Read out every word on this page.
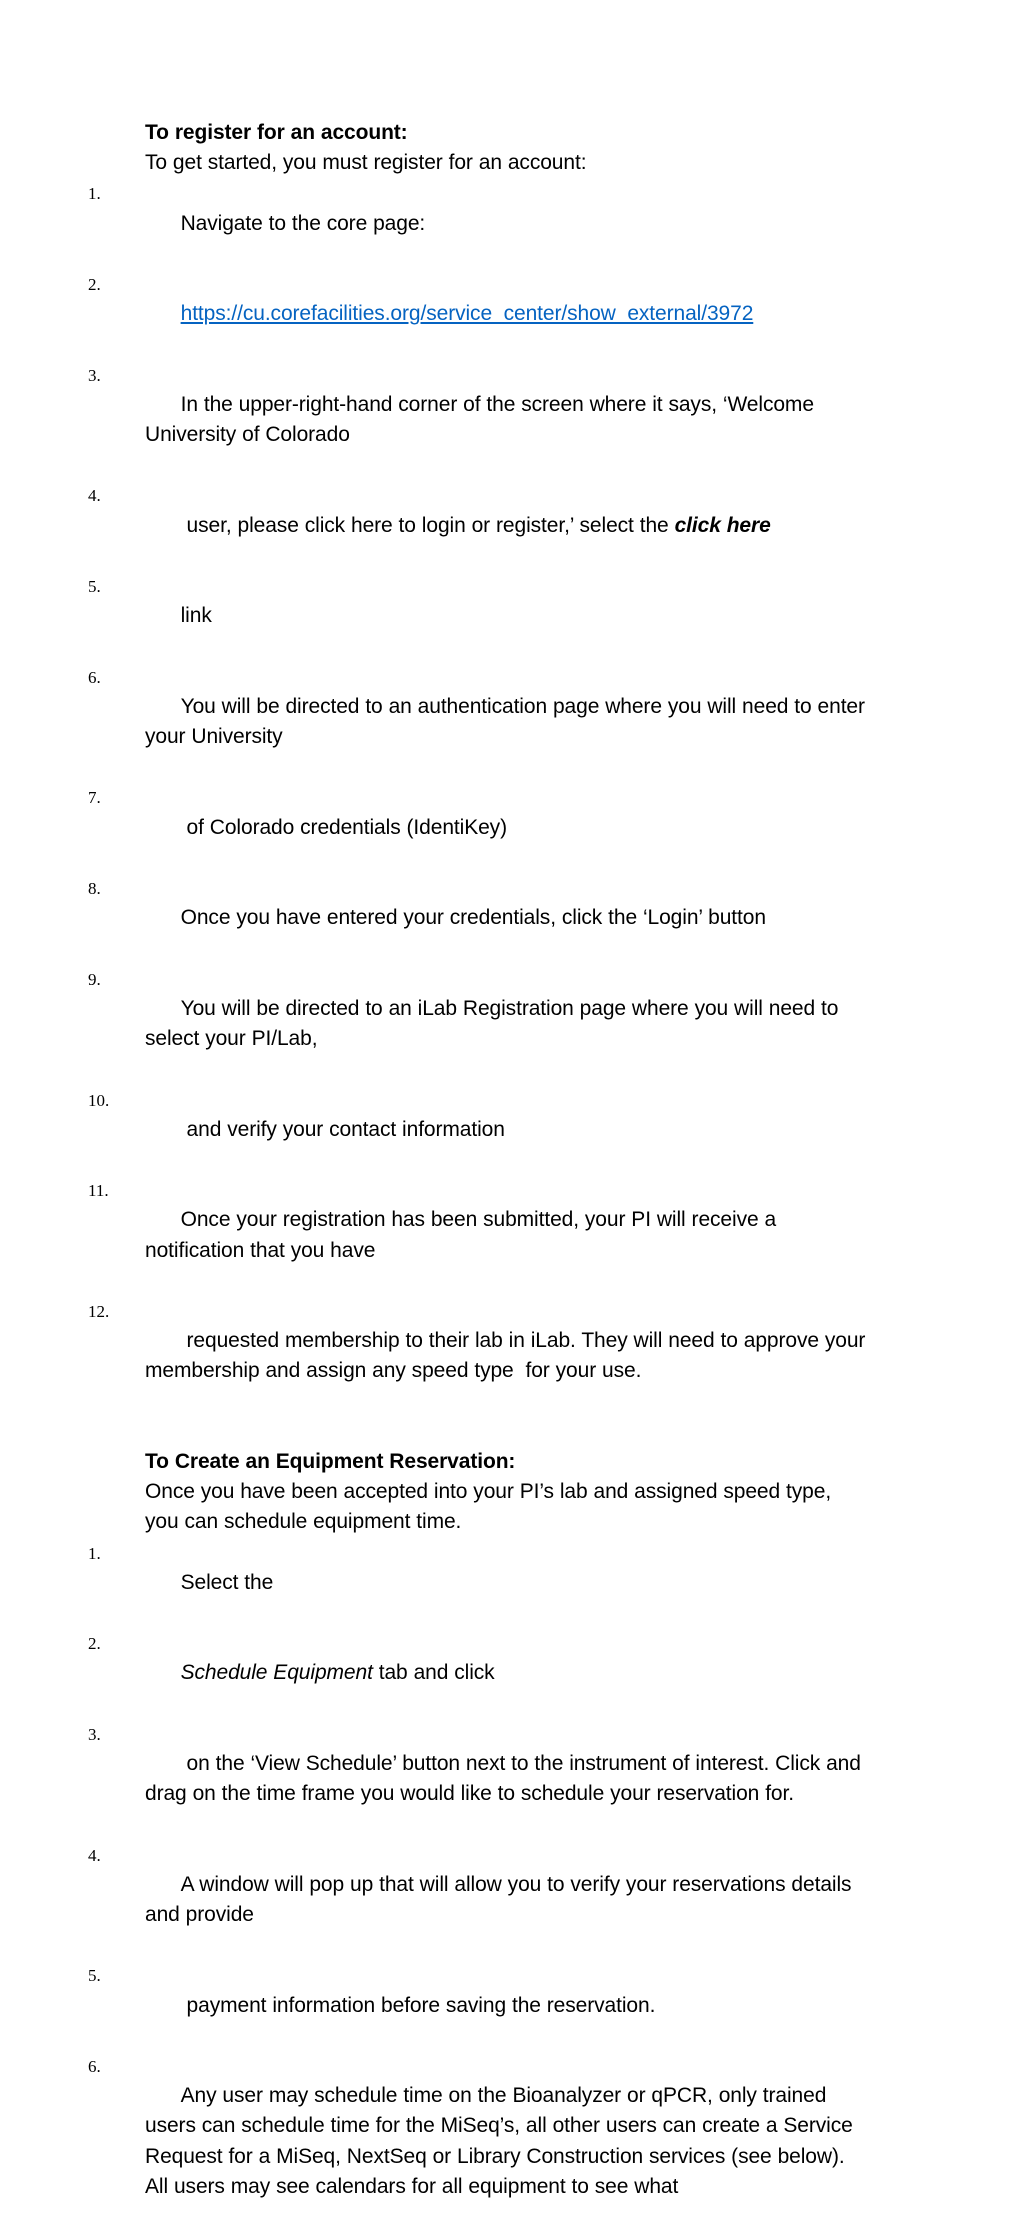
To register for an account:
To get started, you must register for an account:

1.
Navigate to the core page:

2.
https://cu.corefacilities.org/service_center/show_external/3972

3.
In the upper-right-hand corner of the screen where it says, ‘Welcome University of Colorado

4.
user, please click here to login or register,’ select the click here

5.
link

6.
You will be directed to an authentication page where you will need to enter your University

7.
of Colorado credentials (IdentiKey)

8.
Once you have entered your credentials, click the ‘Login’ button

9.
You will be directed to an iLab Registration page where you will need to select your PI/Lab,

10.
and verify your contact information

11.
Once your registration has been submitted, your PI will receive a notification that you have

12.
requested membership to their lab in iLab. They will need to approve your membership and assign any speed type  for your use.

To Create an Equipment Reservation:
Once you have been accepted into your PI’s lab and assigned speed type, you can schedule equipment time.

1.
Select the

2.
Schedule Equipment tab and click

3.
on the ‘View Schedule’ button next to the instrument of interest. Click and drag on the time frame you would like to schedule your reservation for.

4.
A window will pop up that will allow you to verify your reservations details and provide

5.
payment information before saving the reservation.

6.
Any user may schedule time on the Bioanalyzer or qPCR, only trained users can schedule time for the MiSeq’s, all other users can create a Service Request for a MiSeq, NextSeq or Library Construction services (see below). All users may see calendars for all equipment to see what
